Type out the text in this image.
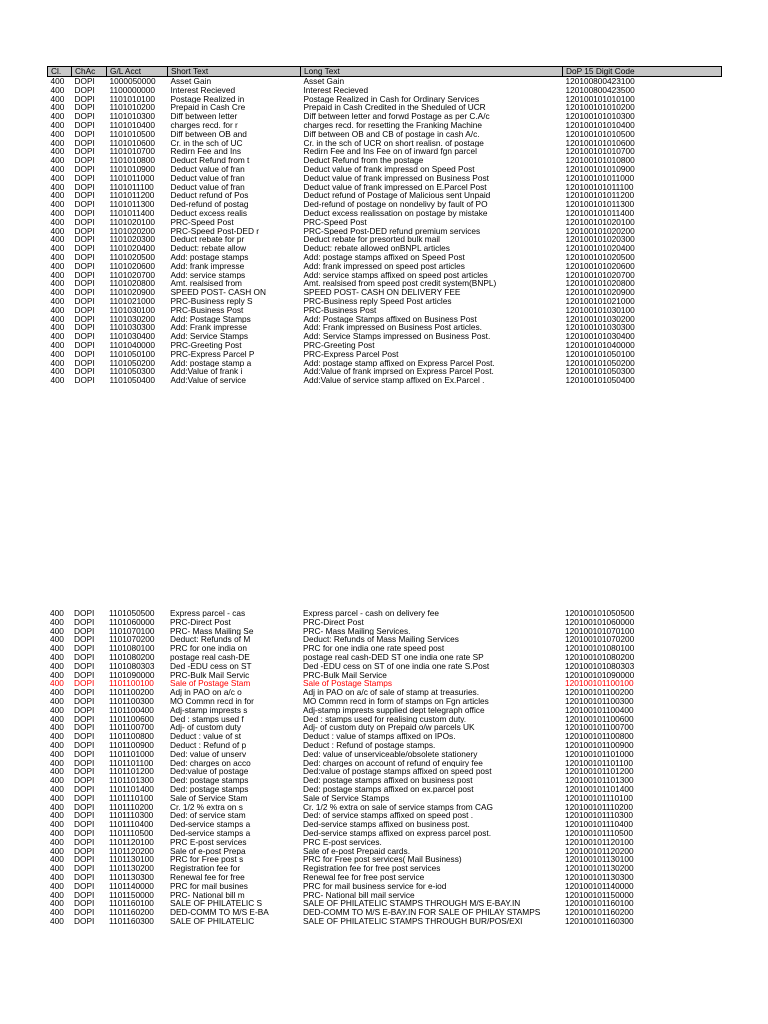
Cl.	ChAc	G/L Acct	Short Text	Long Text	DoP 15 Digit Code
400	DOPI	1000050000	Asset Gain	Asset Gain	120100800423100
400	DOPI	1100000000	Interest Recieved	Interest Recieved	120100800423500
400	DOPI	1101010100	Postage Realized in	Postage Realized in Cash for Ordinary Services	120100101010100
400	DOPI	1101010200	Prepaid in Cash Cre	Prepaid in Cash Credited in the Sheduled of UCR	120100101010200
400	DOPI	1101010300	Diff between letter	Diff between letter and forwd Postage as per C.A/c	120100101010300
400	DOPI	1101010400	charges recd. for r	charges recd. for resetting the Franking Machine	120100101010400
400	DOPI	1101010500	Diff between OB and	Diff between OB and CB of postage in cash A/c.	120100101010500
400	DOPI	1101010600	Cr. in the sch of UC	Cr. in the sch of UCR on short realisn. of postage	120100101010600
400	DOPI	1101010700	Redirn Fee and Ins	Redirn Fee and Ins Fee on of inward fgn parcel	120100101010700
400	DOPI	1101010800	Deduct Refund from t	Deduct Refund from the postage	120100101010800
400	DOPI	1101010900	Deduct value of fran	Deduct value of frank impressd on Speed Post	120100101010900
400	DOPI	1101011000	Deduct value of fran	Deduct value of frank impressed on Business Post	120100101011000
400	DOPI	1101011100	Deduct value of fran	Deduct value of frank impressed on E.Parcel Post	120100101011100
400	DOPI	1101011200	Deduct refund of Pos	Deduct refund of Postage of Malicious sent Unpaid	120100101011200
400	DOPI	1101011300	Ded-refund of postag	Ded-refund of postage on nondelivy by fault of PO	120100101011300
400	DOPI	1101011400	Deduct excess realis	Deduct excess realissation on postage by mistake	120100101011400
400	DOPI	1101020100	PRC-Speed Post	PRC-Speed Post	120100101020100
400	DOPI	1101020200	PRC-Speed Post-DED r	PRC-Speed Post-DED refund premium services	120100101020200
400	DOPI	1101020300	Deduct rebate for pr	Deduct rebate for presorted bulk mail	120100101020300
400	DOPI	1101020400	Deduct: rebate allow	Deduct: rebate allowed onBNPL articles	120100101020400
400	DOPI	1101020500	Add: postage stamps	Add: postage stamps affixed on Speed Post	120100101020500
400	DOPI	1101020600	Add: frank impresse	Add: frank impressed on speed post articles	120100101020600
400	DOPI	1101020700	Add: service stamps	Add: service stamps affixed on speed post articles	120100101020700
400	DOPI	1101020800	Amt. realsised from	Amt. realsised from speed post credit system(BNPL)	120100101020800
400	DOPI	1101020900	SPEED POST- CASH ON	SPEED POST- CASH ON DELIVERY FEE	120100101020900
400	DOPI	1101021000	PRC-Business reply S	PRC-Business reply Speed Post articles	120100101021000
400	DOPI	1101030100	PRC-Business Post	PRC-Business Post	120100101030100
400	DOPI	1101030200	Add: Postage Stamps	Add: Postage Stamps affixed on Business Post	120100101030200
400	DOPI	1101030300	Add: Frank impresse	Add: Frank impressed on Business Post articles.	120100101030300
400	DOPI	1101030400	Add: Service Stamps	Add: Service Stamps impressed on Business Post.	120100101030400
400	DOPI	1101040000	PRC-Greeting Post	PRC-Greeting Post	120100101040000
400	DOPI	1101050100	PRC-Express Parcel P	PRC-Express Parcel Post	120100101050100
400	DOPI	1101050200	Add: postage stamp a	Add: postage stamp affixed on Express Parcel Post.	120100101050200
400	DOPI	1101050300	Add:Value of frank i	Add:Value of frank imprsed on Express Parcel Post.	120100101050300
400	DOPI	1101050400	Add:Value of service	Add:Value of service stamp affixed on Ex.Parcel .	120100101050400
400	DOPI	1101050500	Express parcel - cas	Express parcel - cash on delivery fee	120100101050500
400	DOPI	1101060000	PRC-Direct Post	PRC-Direct Post	120100101060000
400	DOPI	1101070100	PRC- Mass Mailing Se	PRC- Mass Mailing Services.	120100101070100
400	DOPI	1101070200	Deduct: Refunds of M	Deduct: Refunds of Mass Mailing Services	120100101070200
400	DOPI	1101080100	PRC for one india on	PRC for one india one rate speed post	120100101080100
400	DOPI	1101080200	postage real cash-DE	postage real cash-DED ST one india one rate SP	120100101080200
400	DOPI	1101080303	Ded -EDU cess on ST	Ded -EDU cess on ST of one india one rate S.Post	120100101080303
400	DOPI	1101090000	PRC-Bulk Mail Servic	PRC-Bulk Mail Service	120100101090000
400	DOPI	1101100100	Sale of Postage Stam	Sale of Postage Stamps	120100101100100
400	DOPI	1101100200	Adj in PAO on a/c o	Adj in PAO on a/c of sale of stamp at treasuries.	120100101100200
400	DOPI	1101100300	MO Commn recd in for	MO Commn recd in form of stamps on Fgn articles	120100101100300
400	DOPI	1101100400	Adj-stamp imprests s	Adj-stamp imprests supplied dept telegraph office	120100101100400
400	DOPI	1101100600	Ded : stamps used f	Ded : stamps used for realising custom duty.	120100101100600
400	DOPI	1101100700	Adj- of custom duty	Adj- of custom duty on Prepaid o/w parcels UK	120100101100700
400	DOPI	1101100800	Deduct : value of st	Deduct : value of stamps affixed on IPOs.	120100101100800
400	DOPI	1101100900	Deduct : Refund of p	Deduct : Refund of postage stamps.	120100101100900
400	DOPI	1101101000	Ded: value of unserv	Ded: value of unserviceable/obsolete stationery	120100101101000
400	DOPI	1101101100	Ded: charges on acco	Ded: charges on account of refund of enquiry fee	120100101101100
400	DOPI	1101101200	Ded:value of postage	Ded:value of postage stamps affixed on speed post	120100101101200
400	DOPI	1101101300	Ded: postage stamps	Ded: postage stamps affixed on business post	120100101101300
400	DOPI	1101101400	Ded: postage stamps	Ded: postage stamps affixed on ex.parcel post	120100101101400
400	DOPI	1101110100	Sale of Service Stam	Sale of Service Stamps	120100101110100
400	DOPI	1101110200	Cr. 1/2 % extra on s	Cr. 1/2 % extra on sale of service stamps from CAG	120100101110200
400	DOPI	1101110300	Ded: of service stam	Ded: of service stamps affixed on speed post .	120100101110300
400	DOPI	1101110400	Ded-service stamps a	Ded-service stamps affixed on business post.	120100101110400
400	DOPI	1101110500	Ded-service stamps a	Ded-service stamps affixed on express parcel post.	120100101110500
400	DOPI	1101120100	PRC E-post services	PRC E-post services.	120100101120100
400	DOPI	1101120200	Sale of e-post Prepa	Sale of e-post Prepaid cards.	120100101120200
400	DOPI	1101130100	PRC for Free post s	PRC for Free post services( Mail Business)	120100101130100
400	DOPI	1101130200	Registration fee for	Registration fee for free post services	120100101130200
400	DOPI	1101130300	Renewal fee for free	Renewal fee for free post service	120100101130300
400	DOPI	1101140000	PRC for mail busines	PRC for mail business service for e-iod	120100101140000
400	DOPI	1101150000	PRC- National bill m	PRC- National bill mail service	120100101150000
400	DOPI	1101160100	SALE OF PHILATELIC S	SALE OF PHILATELIC STAMPS THROUGH M/S E-BAY.IN	120100101160100
400	DOPI	1101160200	DED-COMM TO M/S E-BA	DED-COMM TO M/S E-BAY.IN FOR SALE OF PHILAY STAMPS	120100101160200
400	DOPI	1101160300	SALE OF PHILATELIC	SALE OF PHILATELIC STAMPS THROUGH BUR/POS/EXI	120100101160300
